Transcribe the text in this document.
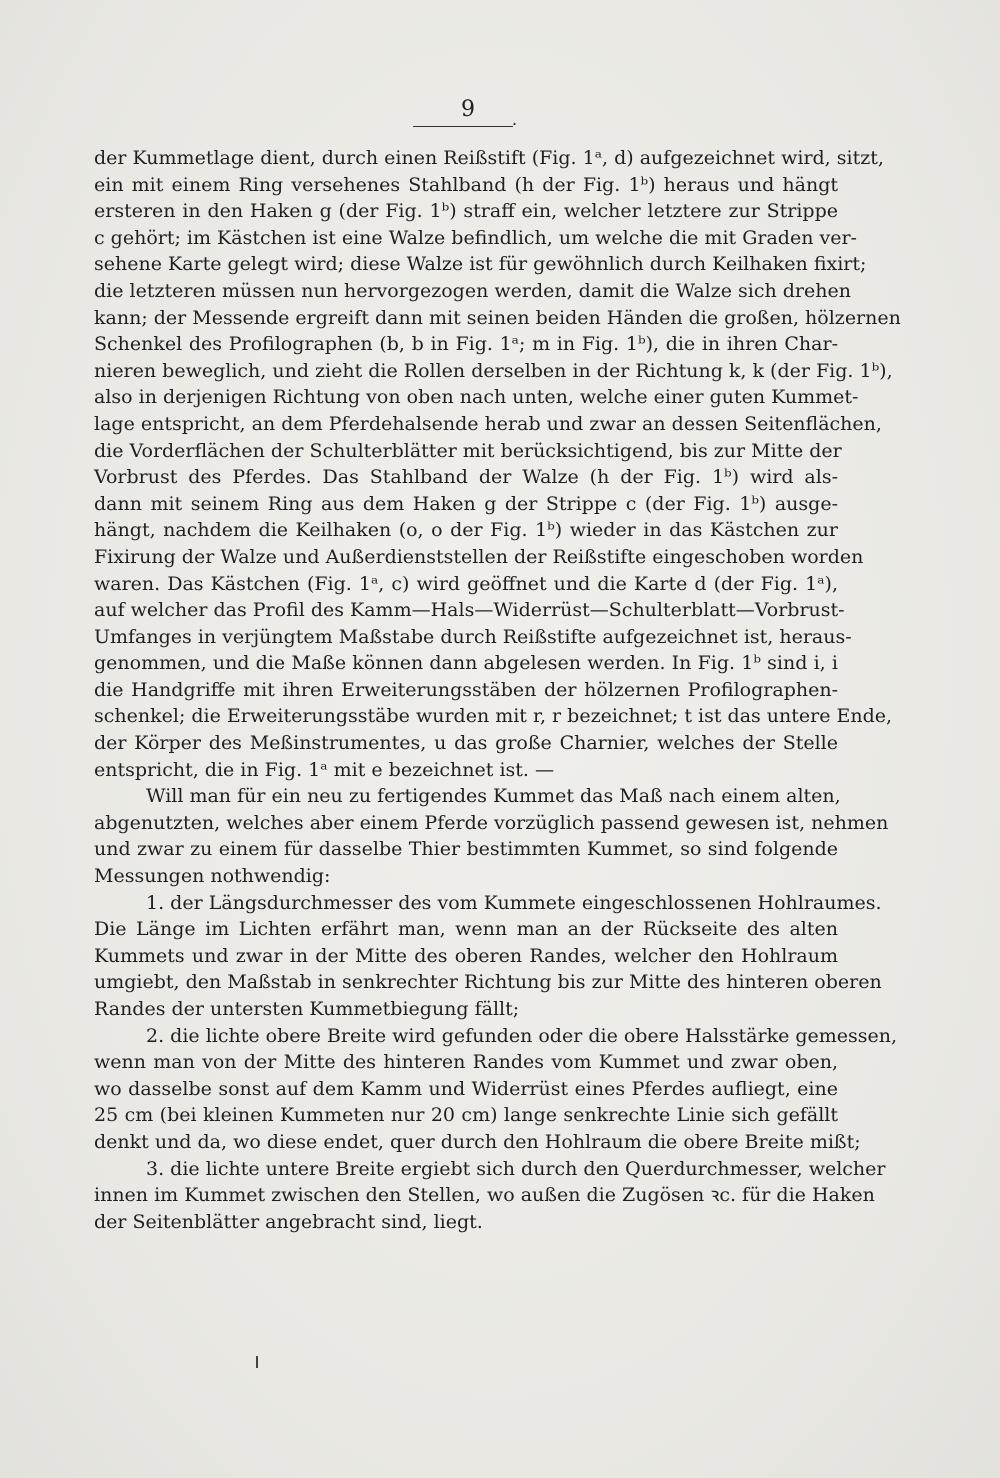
9	.
der Kummetlage dient, durch einen Reißstift (Fig. 1ᵃ, d) aufgezeichnet wird, sitzt,
ein mit einem Ring versehenes Stahlband (h der Fig. 1ᵇ) heraus und hängt
ersteren in den Haken g (der Fig. 1ᵇ) straff ein, welcher letztere zur Strippe
c gehört; im Kästchen ist eine Walze befindlich, um welche die mit Graden ver-
sehene Karte gelegt wird; diese Walze ist für gewöhnlich durch Keilhaken fixirt;
die letzteren müssen nun hervorgezogen werden, damit die Walze sich drehen
kann; der Messende ergreift dann mit seinen beiden Händen die großen, hölzernen
Schenkel des Profilographen (b, b in Fig. 1ᵃ; m in Fig. 1ᵇ), die in ihren Char-
nieren beweglich, und zieht die Rollen derselben in der Richtung k, k (der Fig. 1ᵇ),
also in derjenigen Richtung von oben nach unten, welche einer guten Kummet-
lage entspricht, an dem Pferdehalsende herab und zwar an dessen Seitenflächen,
die Vorderflächen der Schulterblätter mit berücksichtigend, bis zur Mitte der
Vorbrust des Pferdes. Das Stahlband der Walze (h der Fig. 1ᵇ) wird als-
dann mit seinem Ring aus dem Haken g der Strippe c (der Fig. 1ᵇ) ausge-
hängt, nachdem die Keilhaken (o, o der Fig. 1ᵇ) wieder in das Kästchen zur
Fixirung der Walze und Außerdienststellen der Reißstifte eingeschoben worden
waren. Das Kästchen (Fig. 1ᵃ, c) wird geöffnet und die Karte d (der Fig. 1ᵃ),
auf welcher das Profil des Kamm—Hals—Widerrüst—Schulterblatt—Vorbrust-
Umfanges in verjüngtem Maßstabe durch Reißstifte aufgezeichnet ist, heraus-
genommen, und die Maße können dann abgelesen werden. In Fig. 1ᵇ sind i, i
die Handgriffe mit ihren Erweiterungsstäben der hölzernen Profilographen-
schenkel; die Erweiterungsstäbe wurden mit r, r bezeichnet; t ist das untere Ende,
der Körper des Meßinstrumentes, u das große Charnier, welches der Stelle
entspricht, die in Fig. 1ᵃ mit e bezeichnet ist. —
Will man für ein neu zu fertigendes Kummet das Maß nach einem alten,
abgenutzten, welches aber einem Pferde vorzüglich passend gewesen ist, nehmen
und zwar zu einem für dasselbe Thier bestimmten Kummet, so sind folgende
Messungen nothwendig:
1. der Längsdurchmesser des vom Kummete eingeschlossenen Hohlraumes.
Die Länge im Lichten erfährt man, wenn man an der Rückseite des alten
Kummets und zwar in der Mitte des oberen Randes, welcher den Hohlraum
umgiebt, den Maßstab in senkrechter Richtung bis zur Mitte des hinteren oberen
Randes der untersten Kummetbiegung fällt;
2. die lichte obere Breite wird gefunden oder die obere Halsstärke gemessen,
wenn man von der Mitte des hinteren Randes vom Kummet und zwar oben,
wo dasselbe sonst auf dem Kamm und Widerrüst eines Pferdes aufliegt, eine
25 cm (bei kleinen Kummeten nur 20 cm) lange senkrechte Linie sich gefällt
denkt und da, wo diese endet, quer durch den Hohlraum die obere Breite mißt;
3. die lichte untere Breite ergiebt sich durch den Querdurchmesser, welcher
innen im Kummet zwischen den Stellen, wo außen die Zugösen ꝛc. für die Haken
der Seitenblätter angebracht sind, liegt.
